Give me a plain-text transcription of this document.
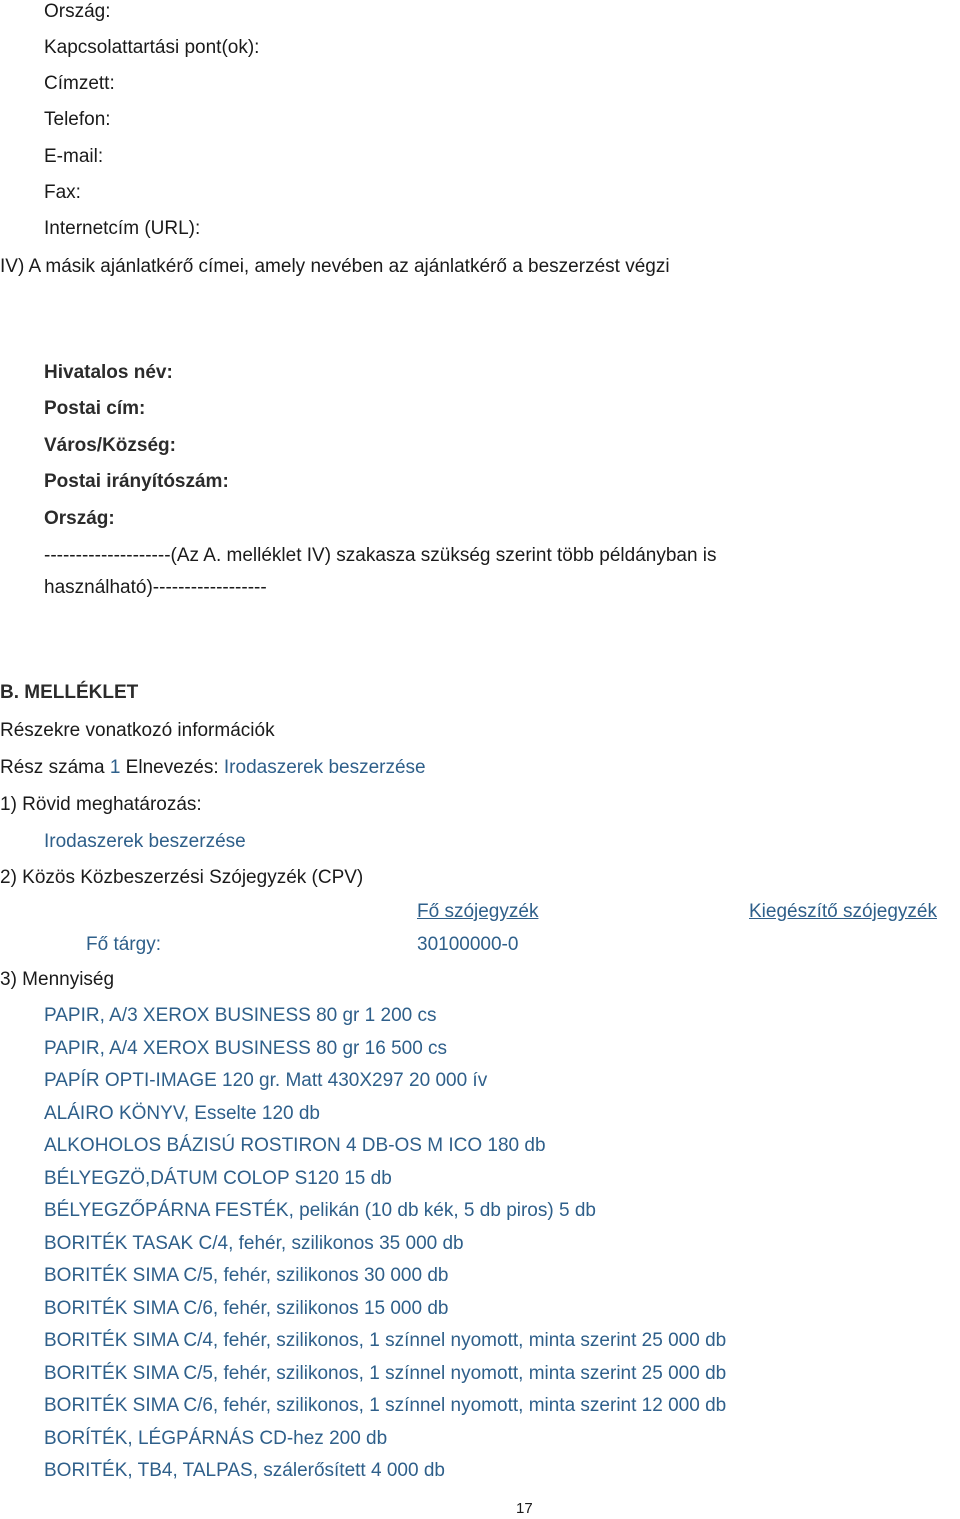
Ország:
Kapcsolattartási pont(ok):
Címzett:
Telefon:
E-mail:
Fax:
Internetcím (URL):
IV) A másik ajánlatkérő címei, amely nevében az ajánlatkérő a beszerzést végzi
Hivatalos név:
Postai cím:
Város/Község:
Postai irányítószám:
Ország:
--------------------(Az A. melléklet IV) szakasza szükség szerint több példányban is
használható)------------------
B. MELLÉKLET
Részekre vonatkozó információk
Rész száma 1 Elnevezés: Irodaszerek beszerzése
1) Rövid meghatározás:
Irodaszerek beszerzése
2) Közös Közbeszerzési Szójegyzék (CPV)
Fő szójegyzék	Kiegészítő szójegyzék
Fő tárgy:	30100000-0
3) Mennyiség
PAPIR, A/3 XEROX BUSINESS 80 gr 1 200 cs
PAPIR, A/4 XEROX BUSINESS 80 gr 16 500 cs
PAPÍR OPTI-IMAGE 120 gr. Matt 430X297 20 000 ív
ALÁIRO KÖNYV, Esselte 120 db
ALKOHOLOS BÁZISÚ ROSTIRON 4 DB-OS M ICO 180 db
BÉLYEGZÖ,DÁTUM COLOP S120 15 db
BÉLYEGZŐPÁRNA FESTÉK, pelikán (10 db kék, 5 db piros) 5 db
BORITÉK TASAK C/4, fehér, szilikonos 35 000 db
BORITÉK SIMA C/5, fehér, szilikonos 30 000 db
BORITÉK SIMA C/6, fehér, szilikonos 15 000 db
BORITÉK SIMA C/4, fehér, szilikonos, 1 színnel nyomott, minta szerint 25 000 db
BORITÉK SIMA C/5, fehér, szilikonos, 1 színnel nyomott, minta szerint 25 000 db
BORITÉK SIMA C/6, fehér, szilikonos, 1 színnel nyomott, minta szerint 12 000 db
BORÍTÉK, LÉGPÁRNÁS CD-hez 200 db
BORITÉK, TB4, TALPAS, szálerősített 4 000 db
17
